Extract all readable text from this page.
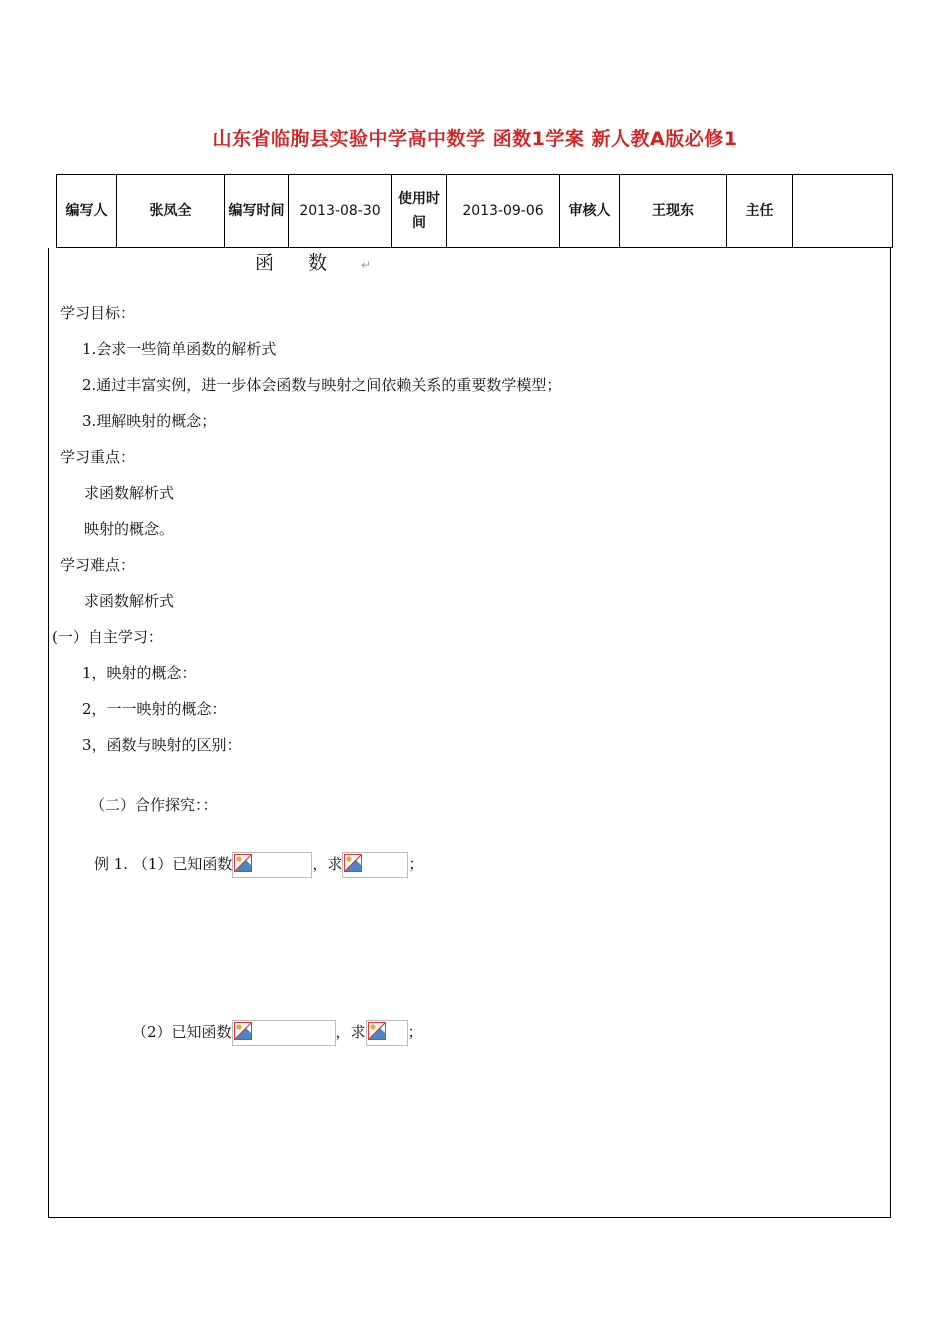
山东省临朐县实验中学高中数学 函数1学案 新人教A版必修1
编写人	张凤全	编写时间	2013-08-30	使用时间	2013-09-06	审核人	王现东	主任	
函数↵
学习目标：
1.会求一些简单函数的解析式
2.通过丰富实例，进一步体会函数与映射之间依赖关系的重要数学模型；
3.理解映射的概念；
学习重点：
求函数解析式
映射的概念。
学习难点：
求函数解析式
(一）自主学习：
1，映射的概念：
2，一一映射的概念：
3，函数与映射的区别：
（二）合作探究：：
例 1. （1）已知函数	，求	；
（2）已知函数	，求	；
